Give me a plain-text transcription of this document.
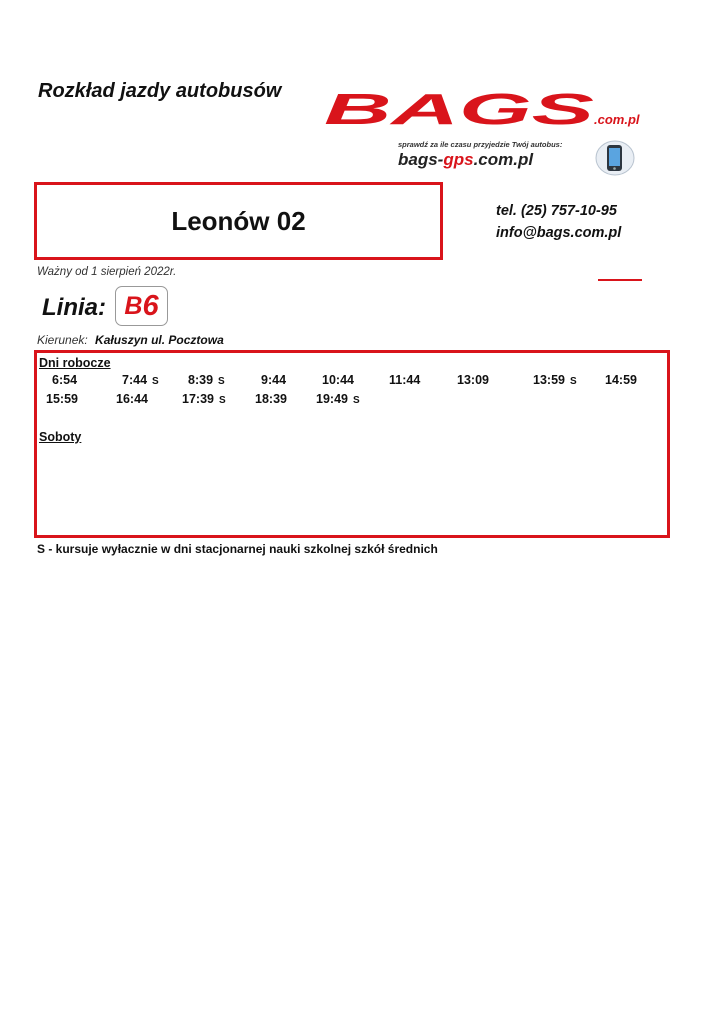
Rozkład jazdy autobusów BAGS .com.pl
sprawdź za ile czasu przyjedzie Twój autobus:
bags-gps.com.pl
Leonów 02	tel. (25) 757-10-95
info@bags.com.pl
Ważny od 1 sierpień 2022r.
Linia: B 6
Kierunek: Kałuszyn ul. Pocztowa
Dni robocze
6:54	7:44 S 8:39 S	9:44	10:44	11:44	13:09	13:59 S 14:59
15:59	16:44	17:39 S 18:39 19:49 S
Soboty
S - kursuje wyłacznie w dni stacjonarnej nauki szkolnej szkół średnich
